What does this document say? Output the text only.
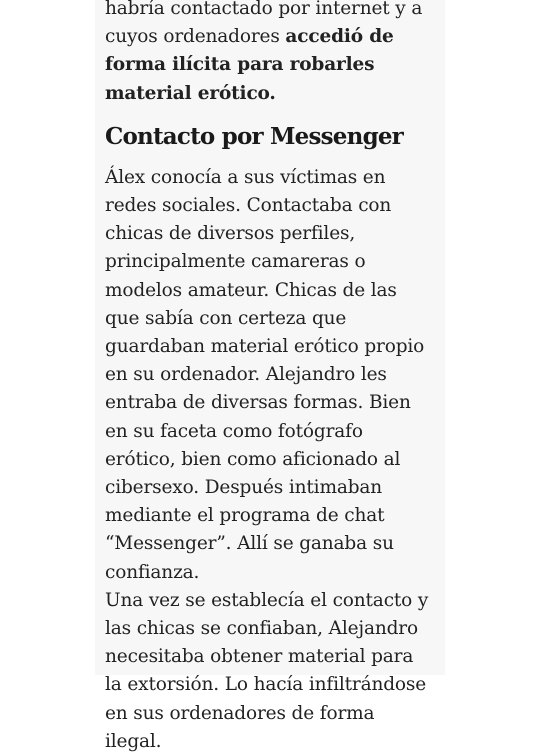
habría contactado por internet y a cuyos ordenadores accedió de forma ilícita para robarles material erótico.

Contacto por Messenger

Álex conocía a sus víctimas en redes sociales. Contactaba con chicas de diversos perfiles, principalmente camareras o modelos amateur. Chicas de las que sabía con certeza que guardaban material erótico propio en su ordenador. Alejandro les entraba de diversas formas. Bien en su faceta como fotógrafo erótico, bien como aficionado al cibersexo. Después intimaban mediante el programa de chat “Messenger”. Allí se ganaba su confianza.

Una vez se establecía el contacto y las chicas se confiaban, Alejandro necesitaba obtener material para la extorsión. Lo hacía infiltrándose en sus ordenadores de forma ilegal.
